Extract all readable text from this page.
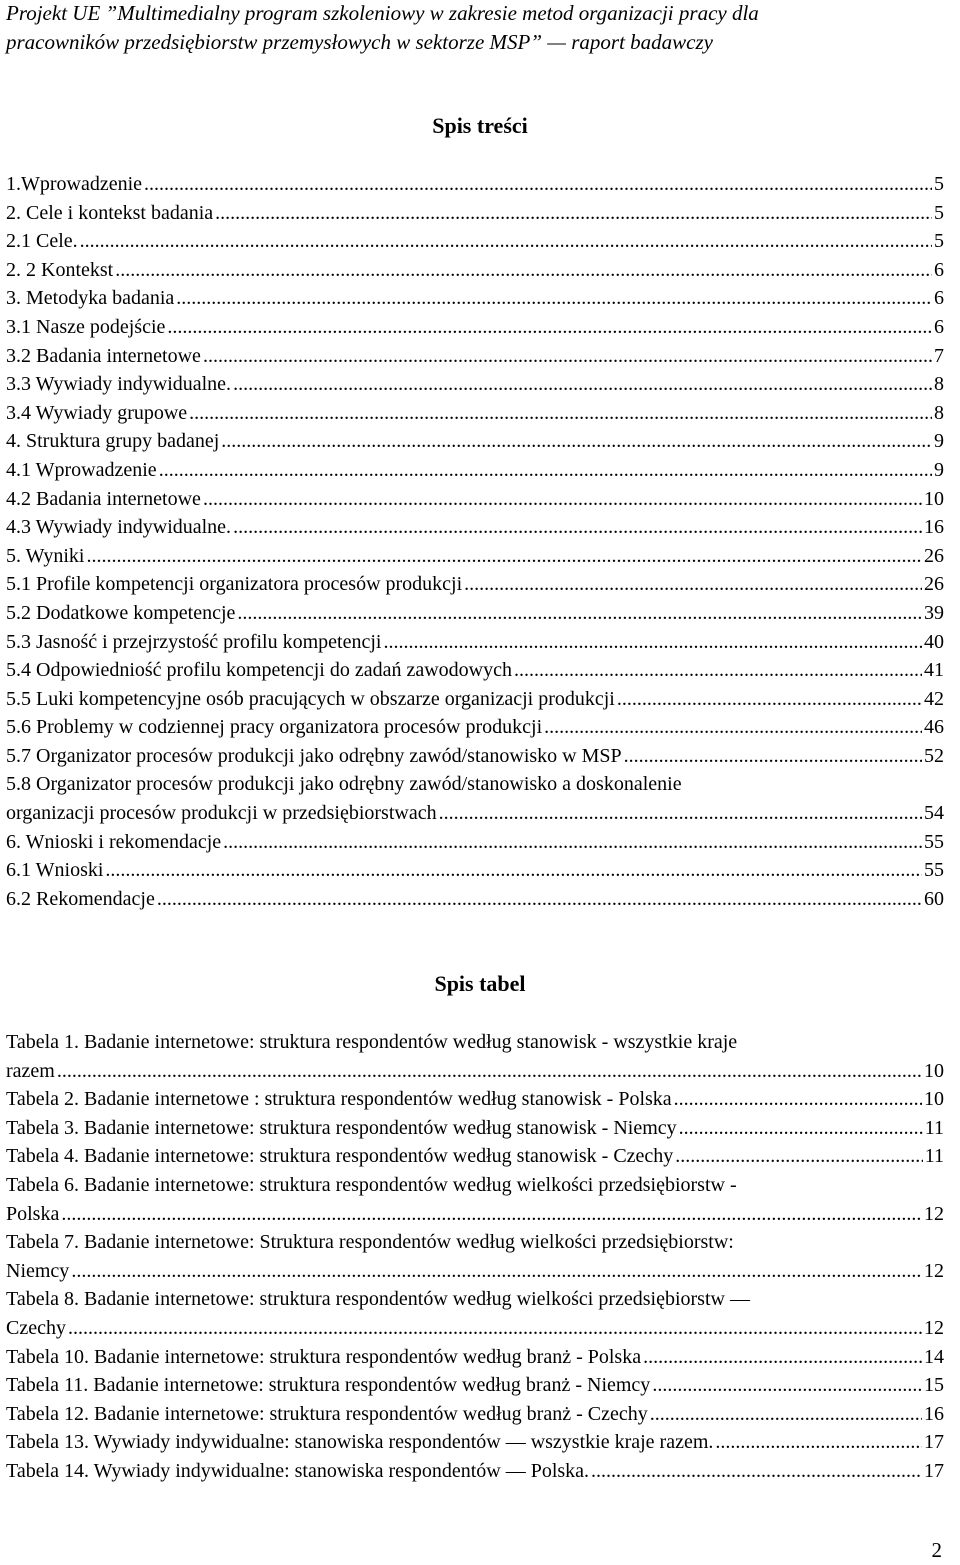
Projekt UE ”Multimedialny program szkoleniowy w zakresie metod organizacji pracy dla
pracowników przedsiębiorstw przemysłowych w sektorze MSP” — raport badawczy
Spis treści
1.Wprowadzenie .....	5
2. Cele i kontekst badania .....	5
2.1 Cele. .....	5
2. 2 Kontekst .....	6
3. Metodyka badania .....	6
3.1 Nasze podejście .....	6
3.2 Badania internetowe .....	7
3.3 Wywiady indywidualne. .....	8
3.4 Wywiady grupowe .....	8
4. Struktura grupy badanej .....	9
4.1 Wprowadzenie .....	9
4.2 Badania internetowe .....	10
4.3 Wywiady indywidualne. .....	16
5. Wyniki .....	26
5.1 Profile kompetencji organizatora procesów produkcji .....	26
5.2 Dodatkowe kompetencje .....	39
5.3 Jasność i przejrzystość profilu kompetencji .....	40
5.4 Odpowiedniość profilu kompetencji do zadań zawodowych .....	41
5.5 Luki kompetencyjne osób pracujących w obszarze organizacji produkcji .....	42
5.6 Problemy w codziennej pracy organizatora procesów produkcji .....	46
5.7 Organizator procesów produkcji jako odrębny zawód/stanowisko w MSP .....	52
5.8 Organizator procesów produkcji jako odrębny zawód/stanowisko a doskonalenie
organizacji procesów produkcji w przedsiębiorstwach .....	54
6. Wnioski i rekomendacje .....	55
6.1 Wnioski .....	55
6.2 Rekomendacje .....	60
Spis tabel
Tabela 1. Badanie internetowe: struktura respondentów według stanowisk - wszystkie kraje
razem .....	10
Tabela 2. Badanie internetowe : struktura respondentów według stanowisk - Polska .....	10
Tabela 3. Badanie internetowe: struktura respondentów według stanowisk - Niemcy .....	11
Tabela 4. Badanie internetowe: struktura respondentów według stanowisk - Czechy .....	11
Tabela 6. Badanie internetowe: struktura respondentów według wielkości przedsiębiorstw -
Polska .....	12
Tabela 7. Badanie internetowe: Struktura respondentów według wielkości przedsiębiorstw:
Niemcy .....	12
Tabela 8. Badanie internetowe: struktura respondentów według wielkości przedsiębiorstw —
Czechy .....	12
Tabela 10. Badanie internetowe: struktura respondentów według branż - Polska .....	14
Tabela 11. Badanie internetowe: struktura respondentów według branż - Niemcy .....	15
Tabela 12. Badanie internetowe: struktura respondentów według branż - Czechy .....	16
Tabela 13. Wywiady indywidualne: stanowiska respondentów — wszystkie kraje razem. .....	17
Tabela 14. Wywiady indywidualne: stanowiska respondentów — Polska. .....	17
2
